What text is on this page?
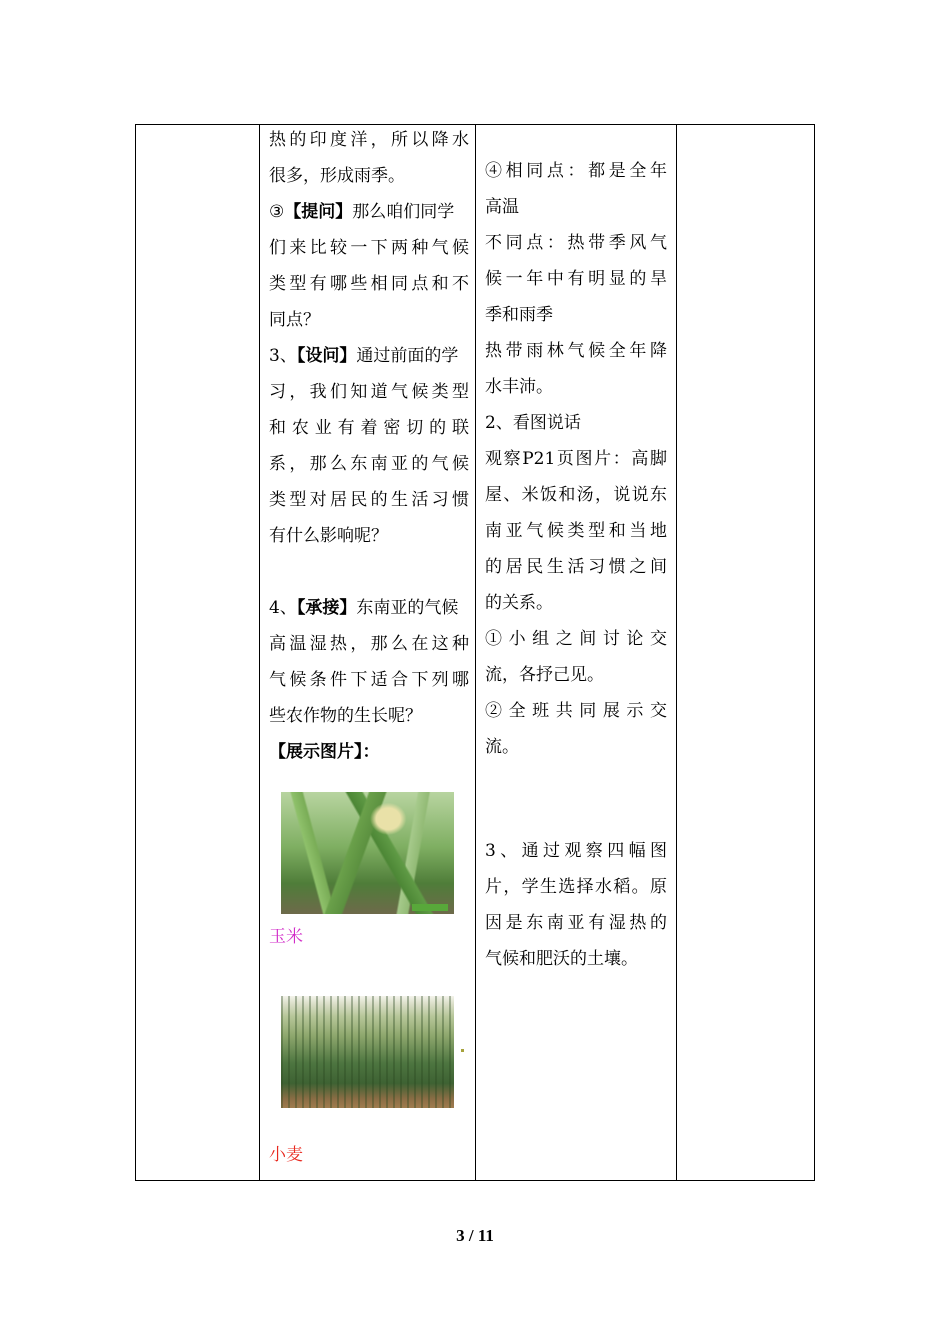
热的印度洋，所以降水
很多，形成雨季。
③【提问】那么咱们同学
们来比较一下两种气候
类型有哪些相同点和不
同点？
3、【设问】通过前面的学
习，我们知道气候类型
和农业有着密切的联
系，那么东南亚的气候
类型对居民的生活习惯
有什么影响呢？
4、【承接】东南亚的气候
高温湿热，那么在这种
气候条件下适合下列哪
些农作物的生长呢？
【展示图片】：
玉米
小麦
④相同点：都是全年
高温
不同点：热带季风气
候一年中有明显的旱
季和雨季
热带雨林气候全年降
水丰沛。
2、看图说话
观察P21页图片：高脚
屋、米饭和汤，说说东
南亚气候类型和当地
的居民生活习惯之间
的关系。
①小组之间讨论交
流，各抒己见。
②全班共同展示交
流。
3、通过观察四幅图
片，学生选择水稻。原
因是东南亚有湿热的
气候和肥沃的土壤。
3 / 11
